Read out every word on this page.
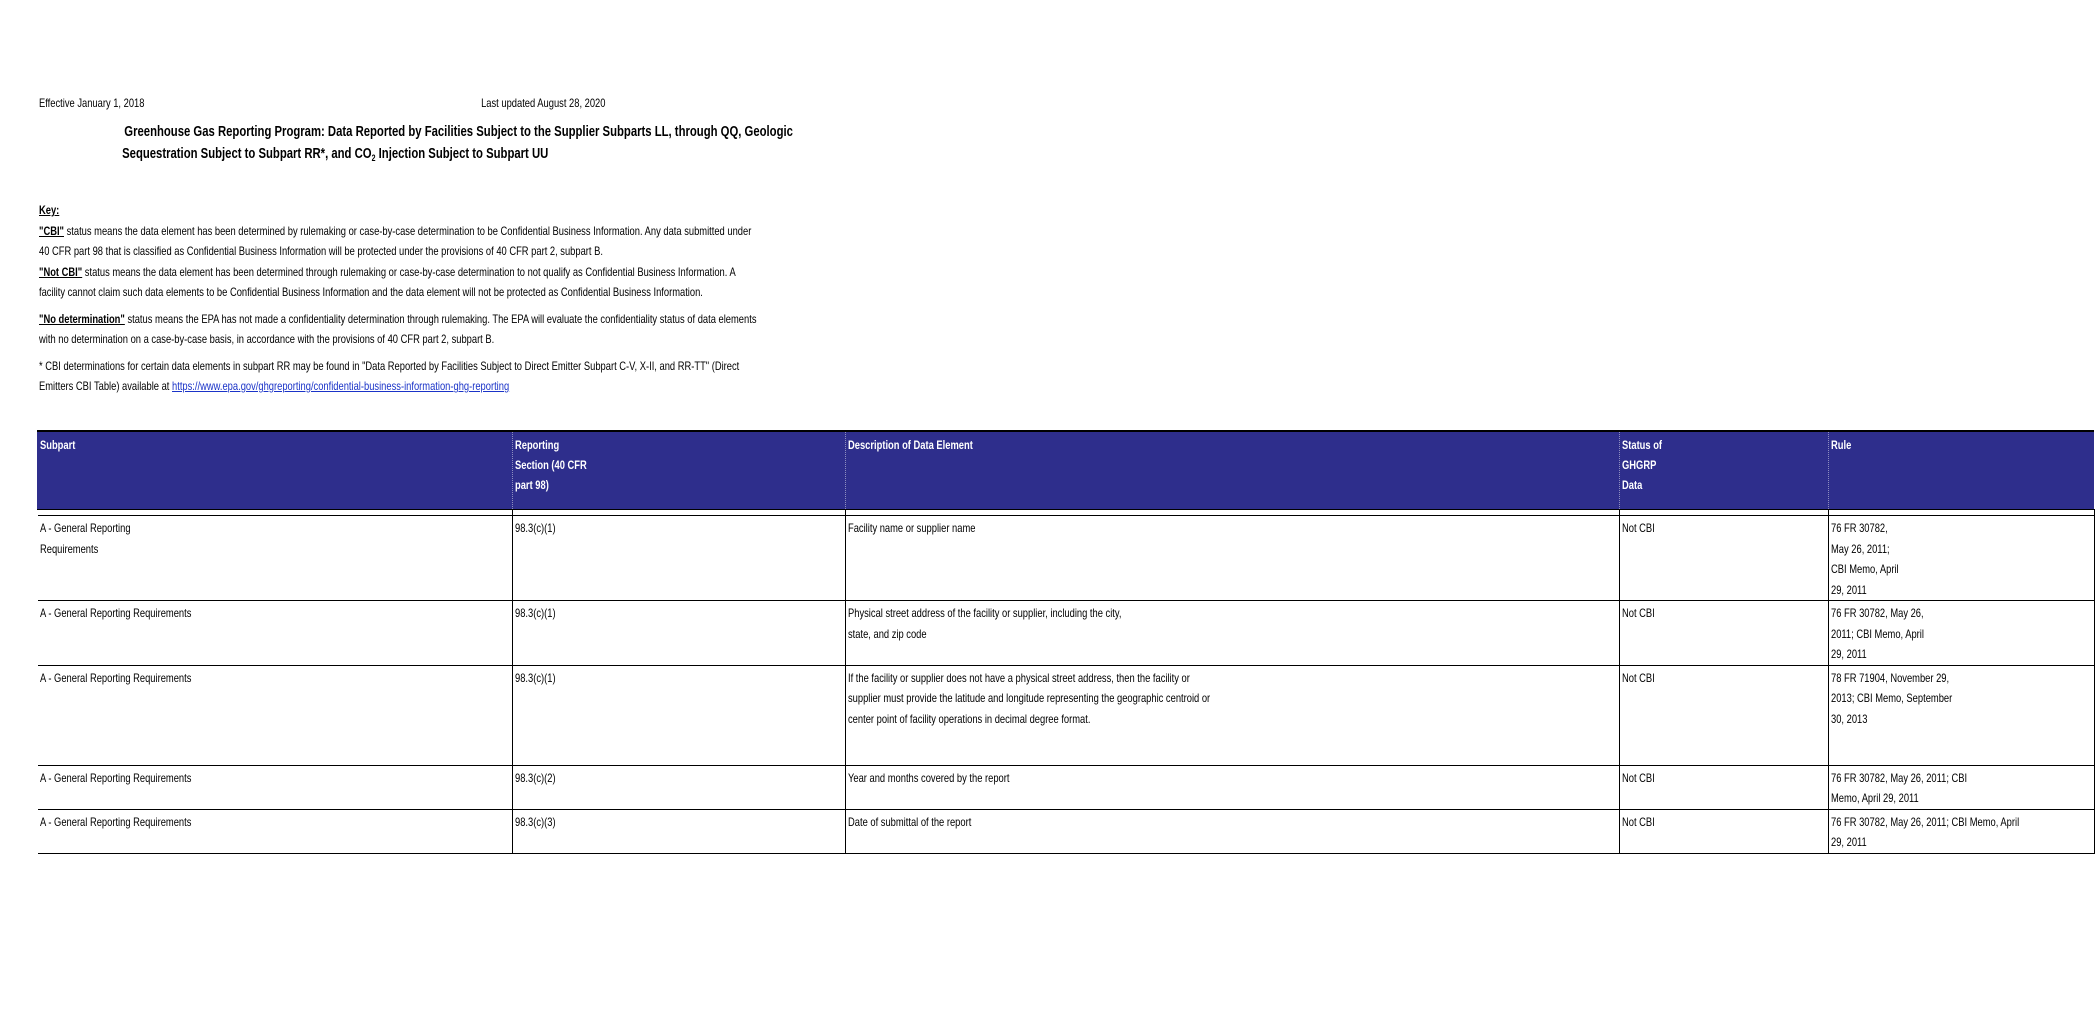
Effective January 1, 2018	Last updated August 28, 2020
Greenhouse Gas Reporting Program: Data Reported by Facilities Subject to the Supplier Subparts LL, through QQ, Geologic
Sequestration Subject to Subpart RR*, and $CO_2$ Injection Subject to Subpart UU

Key:

"CBI" status means the data element has been determined by rulemaking or case-by-case determination to be Confidential Business Information. Any data submitted under

40 CFR part 98 that is classified as Confidential Business Information will be protected under the provisions of 40 CFR part 2, subpart B.

"Not CBI" status means the data element has been determined through rulemaking or case-by-case determination to not qualify as Confidential Business Information. A

facility cannot claim such data elements to be Confidential Business Information and the data element will not be protected as Confidential Business Information.

"No determination" status means the EPA has not made a confidentiality determination through rulemaking. The EPA will evaluate the confidentiality status of data elements

with no determination on a case-by-case basis, in accordance with the provisions of 40 CFR part 2, subpart B.

* CBI determinations for certain data elements in subpart RR may be found in "Data Reported by Facilities Subject to Direct Emitter Subpart C-V, X-II, and RR-TT" (Direct

Emitters CBI Table) available at https://www.epa.gov/ghgreporting/confidential-business-information-ghg-reporting

Subpart	Reporting Section (40 CFR part 98)	Description of Data Element	Status of GHGRP Data	Rule

A - General Reporting Requirements	98.3(c)(1)	Facility name or supplier name	Not CBI	76 FR 30782, May 26, 2011; CBI Memo, April 29, 2011

A - General Reporting Requirements	98.3(c)(1)	Physical street address of the facility or supplier, including the city, state, and zip code	Not CBI	76 FR 30782, May 26, 2011; CBI Memo, April 29, 2011

A - General Reporting Requirements	98.3(c)(1)	If the facility or supplier does not have a physical street address, then the facility or supplier must provide the latitude and longitude representing the geographic centroid or center point of facility operations in decimal degree format.	Not CBI	78 FR 71904, November 29, 2013; CBI Memo, September 30, 2013

A - General Reporting Requirements	98.3(c)(2)	Year and months covered by the report	Not CBI	76 FR 30782, May 26, 2011; CBI Memo, April 29, 2011

A - General Reporting Requirements	98.3(c)(3)	Date of submittal of the report	Not CBI	76 FR 30782, May 26, 2011; CBI Memo, April 29, 2011
